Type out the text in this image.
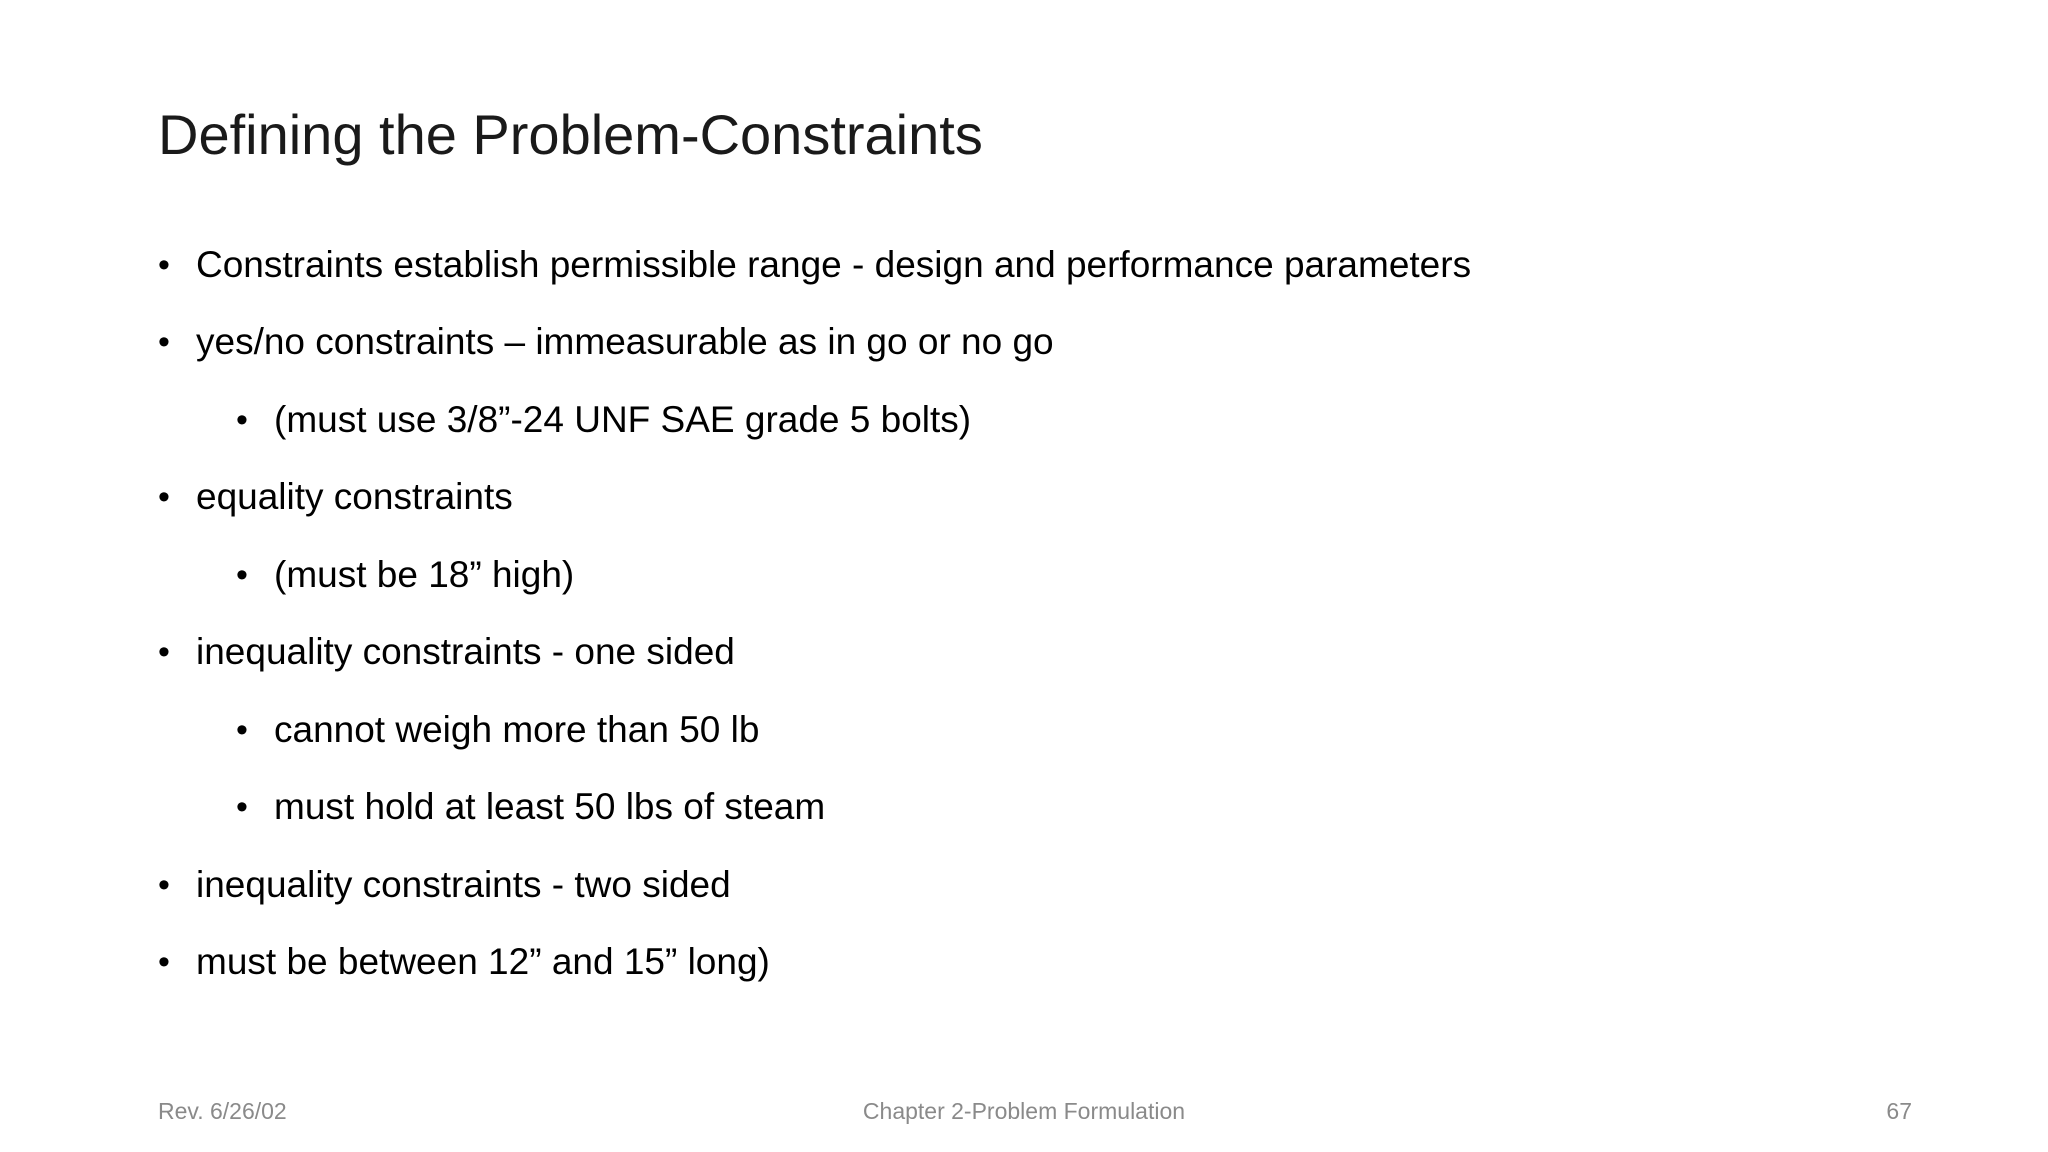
Defining the Problem-Constraints
• Constraints establish permissible range - design and performance parameters
• yes/no constraints – immeasurable as in go or no go
• (must use 3/8”-24 UNF SAE grade 5 bolts)
• equality constraints
• (must be 18” high)
• inequality constraints - one sided
• cannot weigh more than 50 lb
• must hold at least 50 lbs of steam
• inequality constraints - two sided
• must be between 12” and 15” long)
Rev. 6/26/02	Chapter 2-Problem Formulation	67
